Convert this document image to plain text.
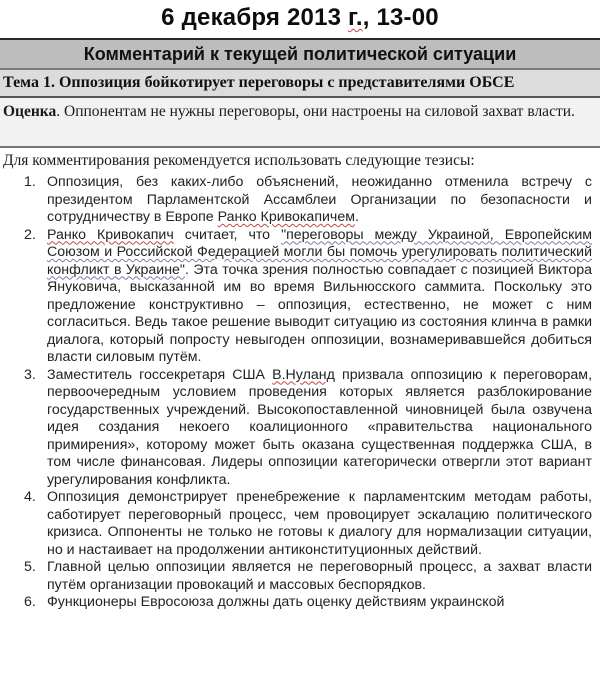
6 декабря 2013 г., 13-00
Комментарий к текущей политической ситуации
Тема 1. Оппозиция бойкотирует переговоры с представителями ОБСЕ
Оценка. Оппонентам не нужны переговоры, они настроены на силовой захват власти.
Для комментирования рекомендуется использовать следующие тезисы:
1. Оппозиция, без каких-либо объяснений, неожиданно отменила встречу с президентом Парламентской Ассамблеи Организации по безопасности и сотрудничеству в Европе Ранко Кривокапичем.
2. Ранко Кривокапич считает, что "переговоры между Украиной, Европейским Союзом и Российской Федерацией могли бы помочь урегулировать политический конфликт в Украине". Эта точка зрения полностью совпадает с позицией Виктора Януковича, высказанной им во время Вильнюсского саммита. Поскольку это предложение конструктивно – оппозиция, естественно, не может с ним согласиться. Ведь такое решение выводит ситуацию из состояния клинча в рамки диалога, который попросту невыгоден оппозиции, вознамеривавшейся добиться власти силовым путём.
3. Заместитель госсекретаря США В.Нуланд призвала оппозицию к переговорам, первоочередным условием проведения которых является разблокирование государственных учреждений. Высокопоставленной чиновницей была озвучена идея создания некоего коалиционного «правительства национального примирения», которому может быть оказана существенная поддержка США, в том числе финансовая. Лидеры оппозиции категорически отвергли этот вариант урегулирования конфликта.
4. Оппозиция демонстрирует пренебрежение к парламентским методам работы, саботирует переговорный процесс, чем провоцирует эскалацию политического кризиса. Оппоненты не только не готовы к диалогу для нормализации ситуации, но и настаивает на продолжении антиконституционных действий.
5. Главной целью оппозиции является не переговорный процесс, а захват власти путём организации провокаций и массовых беспорядков.
6. Функционеры Евросоюза должны дать оценку действиям украинской
